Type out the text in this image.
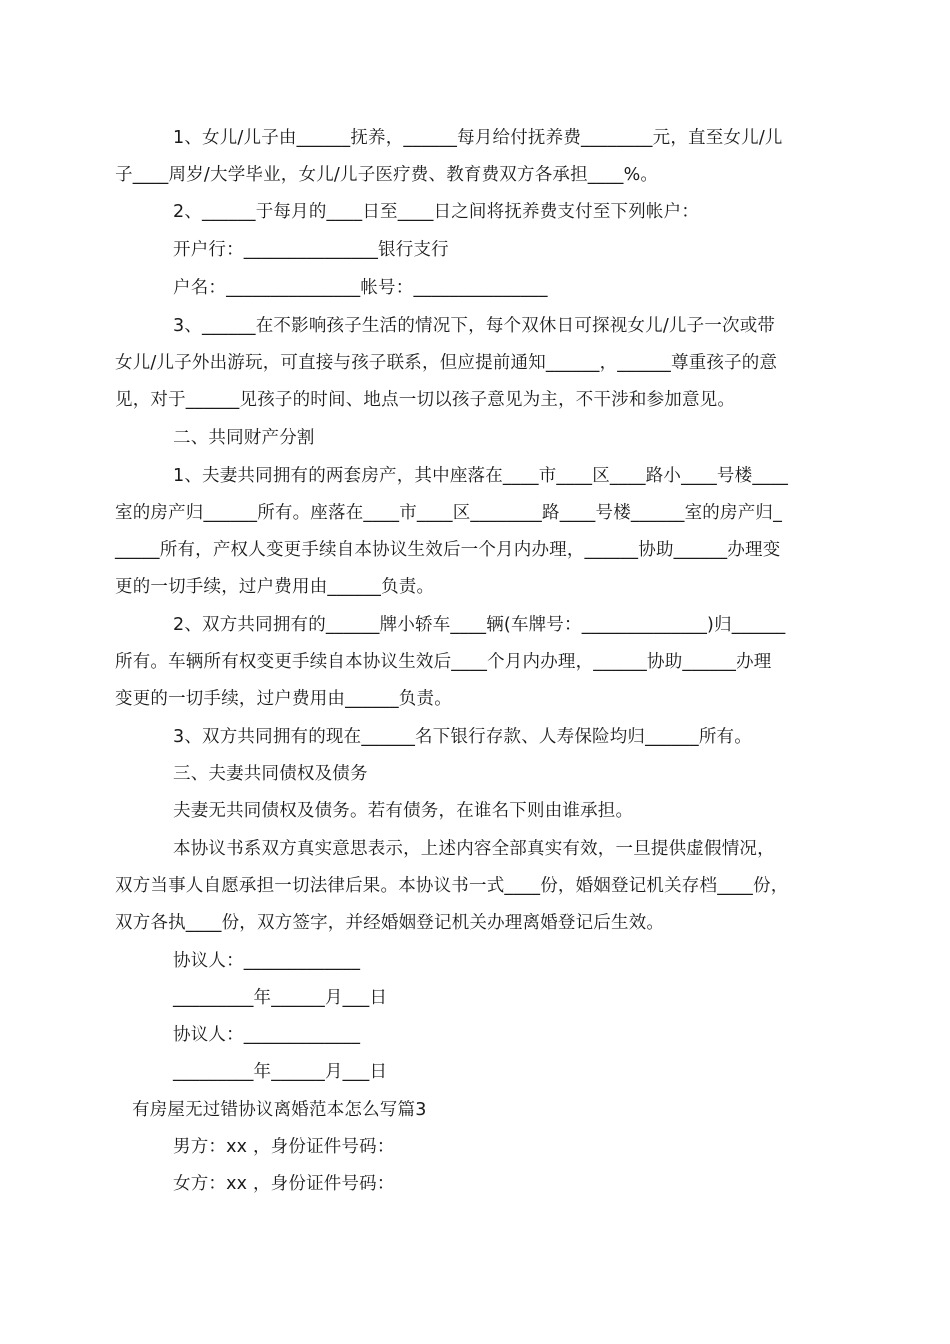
1、女儿/儿子由______抚养，______每月给付抚养费________元，直至女儿/儿
子____周岁/大学毕业，女儿/儿子医疗费、教育费双方各承担____%。
2、______于每月的____日至____日之间将抚养费支付至下列帐户：
开户行：_______________银行支行
户名：_______________帐号：_______________
3、______在不影响孩子生活的情况下，每个双休日可探视女儿/儿子一次或带
女儿/儿子外出游玩，可直接与孩子联系，但应提前通知______，______尊重孩子的意
见，对于______见孩子的时间、地点一切以孩子意见为主，不干涉和参加意见。
二、共同财产分割
1、夫妻共同拥有的两套房产，其中座落在____市____区____路小____号楼____
室的房产归______所有。座落在____市____区________路____号楼______室的房产归_
_____所有，产权人变更手续自本协议生效后一个月内办理，______协助______办理变
更的一切手续，过户费用由______负责。
2、双方共同拥有的______牌小轿车____辆(车牌号：______________)归______
所有。车辆所有权变更手续自本协议生效后____个月内办理，______协助______办理
变更的一切手续，过户费用由______负责。
3、双方共同拥有的现在______名下银行存款、人寿保险均归______所有。
三、夫妻共同债权及债务
夫妻无共同债权及债务。若有债务，在谁名下则由谁承担。
本协议书系双方真实意思表示，上述内容全部真实有效，一旦提供虚假情况，
双方当事人自愿承担一切法律后果。本协议书一式____份，婚姻登记机关存档____份，
双方各执____份，双方签字，并经婚姻登记机关办理离婚登记后生效。
协议人：_____________
_________年______月___日
协议人：_____________
_________年______月___日
有房屋无过错协议离婚范本怎么写篇3
男方：xx ，身份证件号码：
女方：xx ，身份证件号码：
